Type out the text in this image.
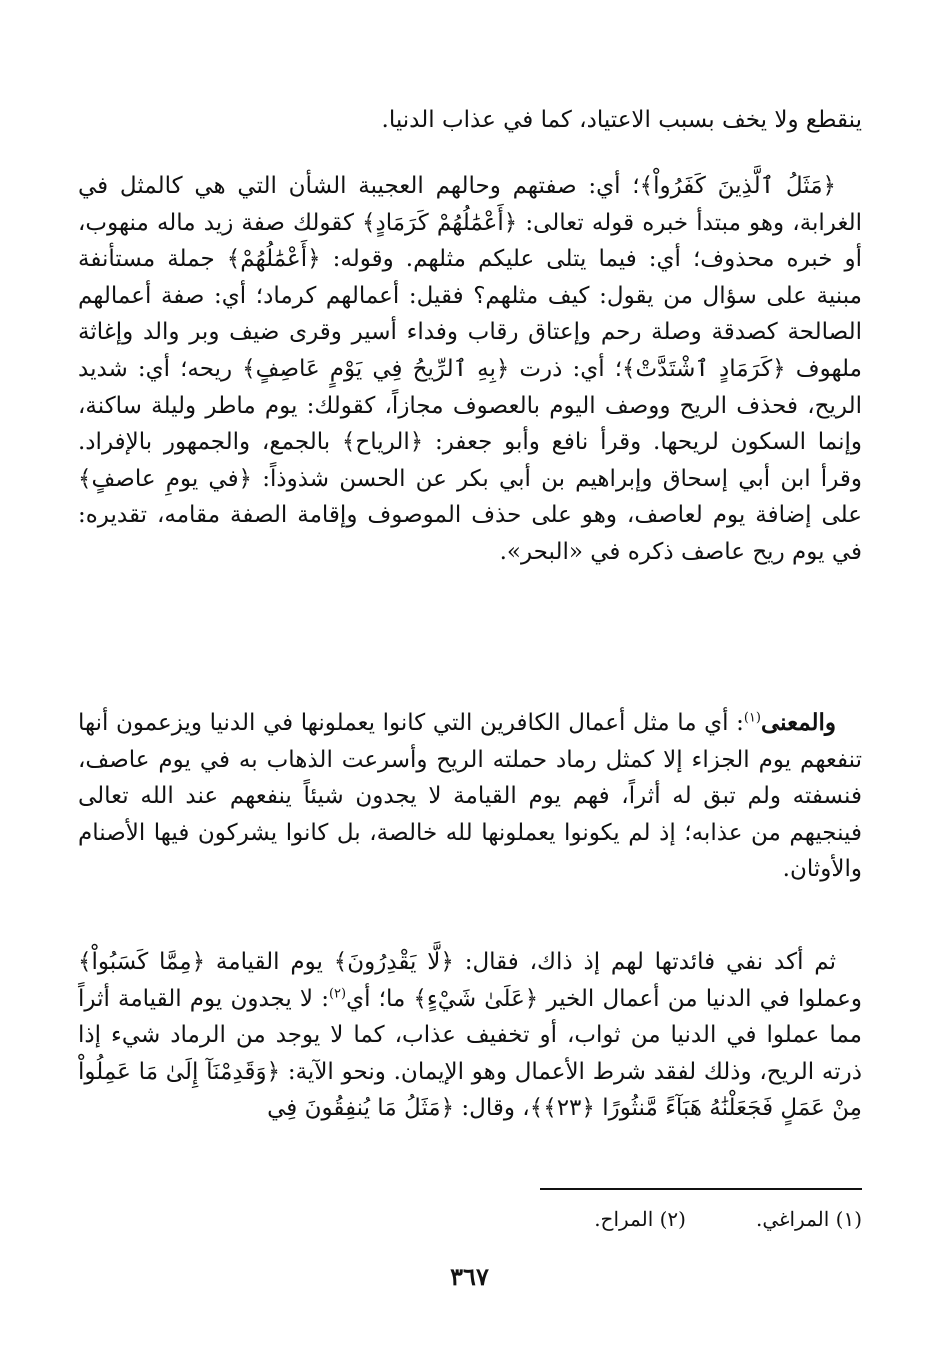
ينقطع ولا يخف بسبب الاعتياد، كما في عذاب الدنيا.

﴿مَثَلُ ٱلَّذِينَ كَفَرُواْ﴾؛ أي: صفتهم وحالهم العجيبة الشأن التي هي كالمثل في الغرابة، وهو مبتدأ خبره قوله تعالى: ﴿أَعْمَٰلُهُمْ كَرَمَادٍ﴾ كقولك صفة زيد ماله منهوب، أو خبره محذوف؛ أي: فيما يتلى عليكم مثلهم. وقوله: ﴿أَعْمَٰلُهُمْ﴾ جملة مستأنفة مبنية على سؤال من يقول: كيف مثلهم؟ فقيل: أعمالهم كرماد؛ أي: صفة أعمالهم الصالحة كصدقة وصلة رحم وإعتاق رقاب وفداء أسير وقرى ضيف وبر والد وإغاثة ملهوف ﴿كَرَمَادٍ ٱشْتَدَّتْ﴾؛ أي: ذرت ﴿بِهِ ٱلرِّيحُ فِي يَوْمٍ عَاصِفٍ﴾ ريحه؛ أي: شديد الريح، فحذف الريح ووصف اليوم بالعصوف مجازاً، كقولك: يوم ماطر وليلة ساكنة، وإنما السكون لريحها. وقرأ نافع وأبو جعفر: ﴿الرياح﴾ بالجمع، والجمهور بالإفراد. وقرأ ابن أبي إسحاق وإبراهيم بن أبي بكر عن الحسن شذوذاً: ﴿في يومِ عاصفٍ﴾ على إضافة يوم لعاصف، وهو على حذف الموصوف وإقامة الصفة مقامه، تقديره: في يوم ريح عاصف ذكره في «البحر».

والمعنى$^{(١)}$: أي ما مثل أعمال الكافرين التي كانوا يعملونها في الدنيا ويزعمون أنها تنفعهم يوم الجزاء إلا كمثل رماد حملته الريح وأسرعت الذهاب به في يوم عاصف، فنسفته ولم تبق له أثراً، فهم يوم القيامة لا يجدون شيئاً ينفعهم عند الله تعالى فينجيهم من عذابه؛ إذ لم يكونوا يعملونها لله خالصة، بل كانوا يشركون فيها الأصنام والأوثان.

ثم أكد نفي فائدتها لهم إذ ذاك، فقال: ﴿لَّا يَقْدِرُونَ﴾ يوم القيامة ﴿مِمَّا كَسَبُواْ﴾ وعملوا في الدنيا من أعمال الخير ﴿عَلَىٰ شَيْءٍ﴾ ما؛ أي$^{(٢)}$: لا يجدون يوم القيامة أثراً مما عملوا في الدنيا من ثواب، أو تخفيف عذاب، كما لا يوجد من الرماد شيء إذا ذرته الريح، وذلك لفقد شرط الأعمال وهو الإيمان. ونحو الآية: ﴿وَقَدِمْنَآ إِلَىٰ مَا عَمِلُواْ مِنْ عَمَلٍ فَجَعَلْنَٰهُ هَبَآءً مَّنثُورًا ﴿٢٣﴾﴾، وقال: ﴿مَثَلُ مَا يُنفِقُونَ فِي

(١) المراغي.(٢) المراح.
٣٦٧
